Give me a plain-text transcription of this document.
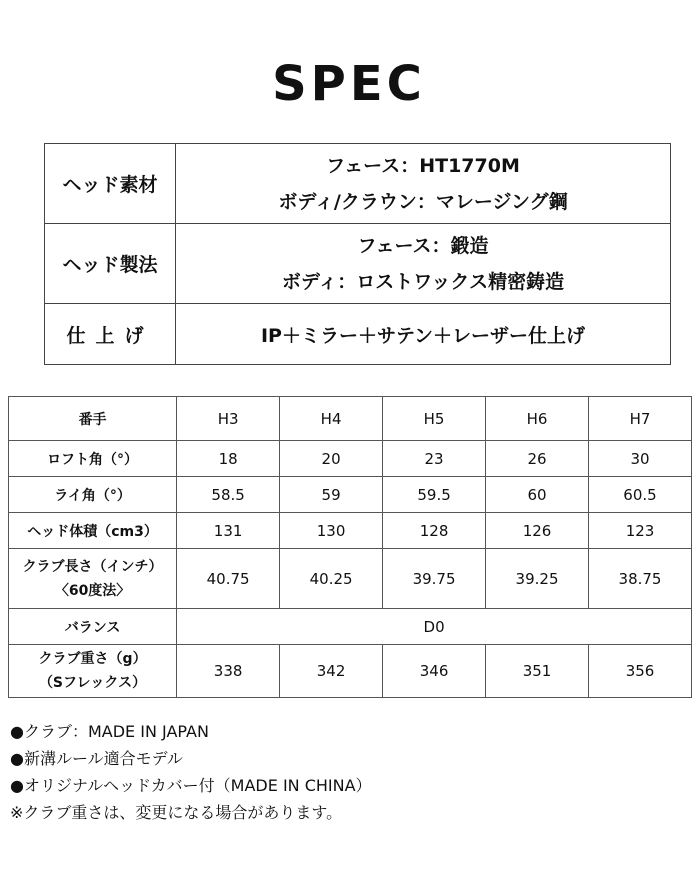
SPEC
ヘッド素材	フェース：HT1770M
ボディ/クラウン：マレージング鋼

ヘッド製法	フェース：鍛造
ボディ：ロストワックス精密鋳造

仕上げ	IP＋ミラー＋サテン＋レーザー仕上げ
番手	H3	H4	H5	H6	H7
ロフト角（°）	18	20	23	26	30
ライ角（°）	58.5	59	59.5	60	60.5
ヘッド体積（cm3）	131	130	128	126	123

クラブ長さ（インチ）
〈60度法〉	40.75	40.25	39.75	39.25	38.75
バランス	D0				

クラブ重さ（g）
（Sフレックス）	338	342	346	351	356
●クラブ：MADE IN JAPAN
●新溝ルール適合モデル
●オリジナルヘッドカバー付（MADE IN CHINA）
※クラブ重さは、変更になる場合があります。
